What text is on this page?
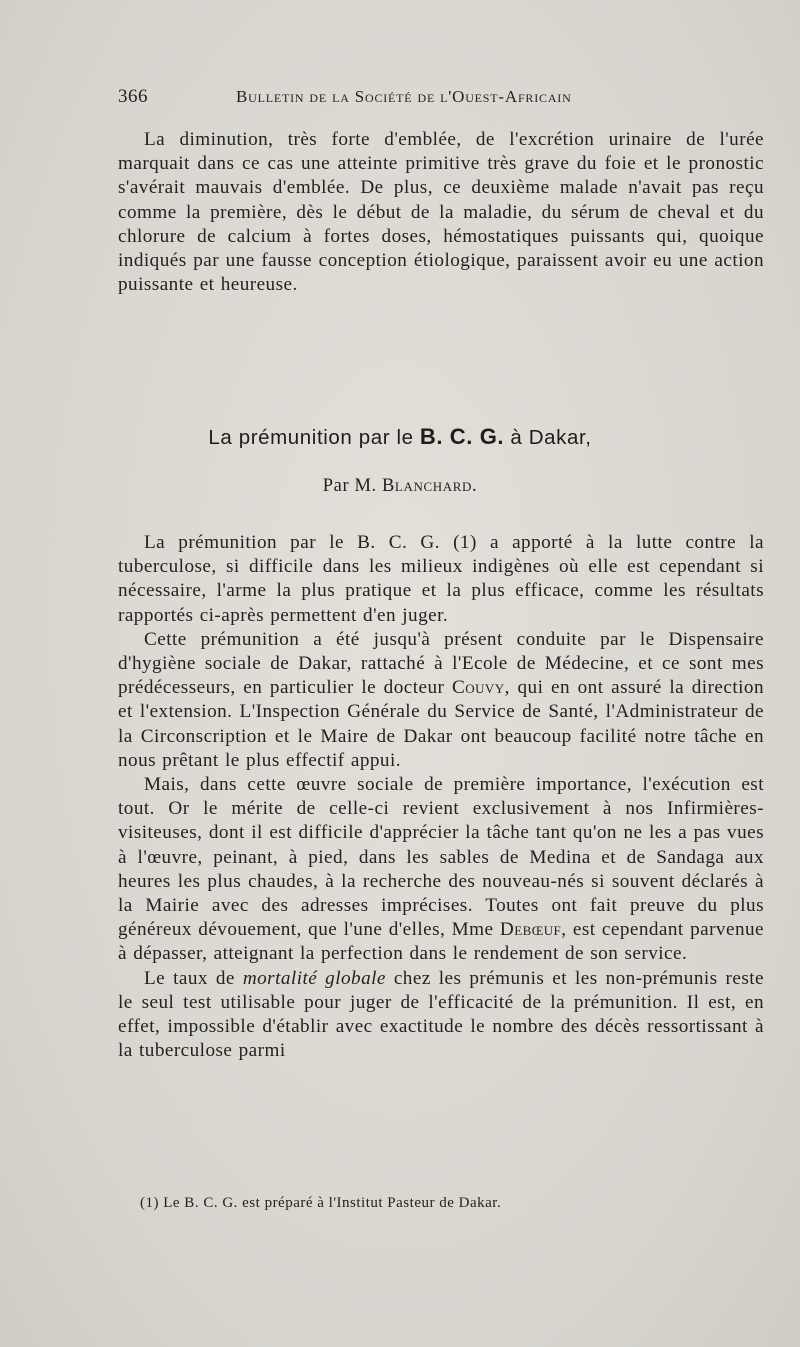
366	Bulletin de la Société de l'Ouest-Africain

La diminution, très forte d'emblée, de l'excrétion urinaire de l'urée marquait dans ce cas une atteinte primitive très grave du foie et le pronostic s'avérait mauvais d'emblée. De plus, ce deuxième malade n'avait pas reçu comme la première, dès le début de la maladie, du sérum de cheval et du chlorure de calcium à fortes doses, hémostatiques puissants qui, quoique indiqués par une fausse conception étiologique, paraissent avoir eu une action puissante et heureuse.

La prémunition par le B. C. G. à Dakar,
Par M. Blanchard.

La prémunition par le B. C. G. (1) a apporté à la lutte contre la tuberculose, si difficile dans les milieux indigènes où elle est cependant si nécessaire, l'arme la plus pratique et la plus efficace, comme les résultats rapportés ci-après permettent d'en juger.

Cette prémunition a été jusqu'à présent conduite par le Dispensaire d'hygiène sociale de Dakar, rattaché à l'Ecole de Médecine, et ce sont mes prédécesseurs, en particulier le docteur Couvy, qui en ont assuré la direction et l'extension. L'Inspection Générale du Service de Santé, l'Administrateur de la Circonscription et le Maire de Dakar ont beaucoup facilité notre tâche en nous prêtant le plus effectif appui.

Mais, dans cette œuvre sociale de première importance, l'exécution est tout. Or le mérite de celle-ci revient exclusivement à nos Infirmières-visiteuses, dont il est difficile d'apprécier la tâche tant qu'on ne les a pas vues à l'œuvre, peinant, à pied, dans les sables de Medina et de Sandaga aux heures les plus chaudes, à la recherche des nouveau-nés si souvent déclarés à la Mairie avec des adresses imprécises. Toutes ont fait preuve du plus généreux dévouement, que l'une d'elles, Mme Debœuf, est cependant parvenue à dépasser, atteignant la perfection dans le rendement de son service.

Le taux de mortalité globale chez les prémunis et les non-prémunis reste le seul test utilisable pour juger de l'efficacité de la prémunition. Il est, en effet, impossible d'établir avec exactitude le nombre des décès ressortissant à la tuberculose parmi

(1) Le B. C. G. est préparé à l'Institut Pasteur de Dakar.
